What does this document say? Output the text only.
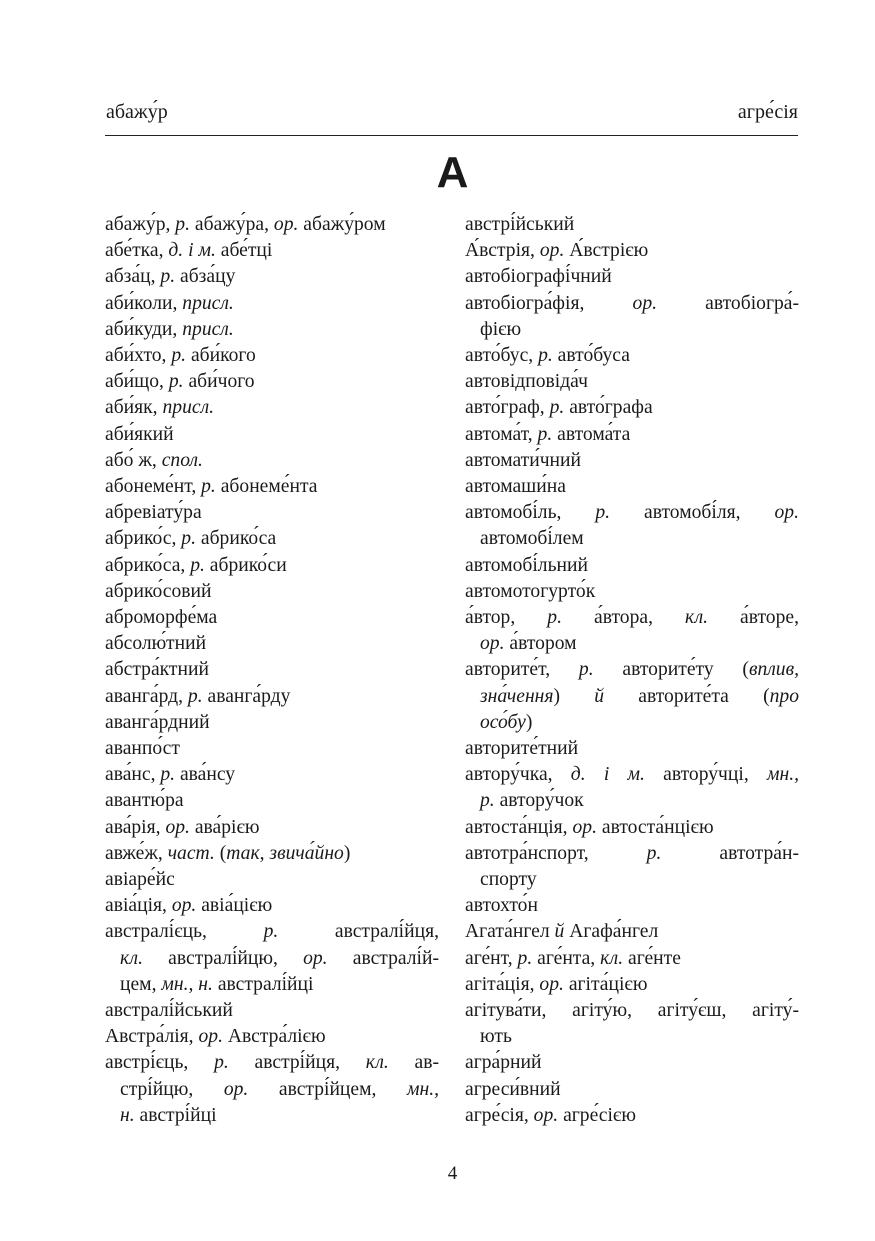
абажу́р	агре́сія
А
абажу́р, р. абажу́ра, ор. абажу́ром
абе́тка, д. і м. абе́тці
абза́ц, р. абза́цу
аби́коли, присл.
аби́куди, присл.
аби́хто, р. аби́кого
аби́що, р. аби́чого
аби́як, присл.
аби́який
або́ ж, спол.
абонеме́нт, р. абонеме́нта
абревіату́ра
абрико́с, р. абрико́са
абрико́са, р. абрико́си
абрико́совий
аброморфе́ма
абсолю́тний
абстра́ктний
аванга́рд, р. аванга́рду
аванга́рдний
аванпо́ст
ава́нс, р. ава́нсу
авантю́ра
ава́рія, ор. ава́рією
авже́ж, част. (так, звича́йно)
авіаре́йс
авіа́ція, ор. авіа́цією
австралі́єць, р. австралі́йця,
кл. австралі́йцю, ор. австралі́й-
цем, мн., н. австралі́йці
австралі́йський
Австра́лія, ор. Австра́лією
австрі́єць, р. австрі́йця, кл. ав-
стрі́йцю, ор. австрі́йцем, мн.,
н. австрі́йці
австрі́йський
А́встрія, ор. А́встрією
автобіографі́чний
автобіогра́фія, ор. автобіогра́-
фією
авто́бус, р. авто́буса
автовідповіда́ч
авто́граф, р. авто́графа
автома́т, р. автома́та
автомати́чний
автомаши́на
автомобі́ль, р. автомобі́ля, ор.
автомобі́лем
автомобі́льний
автомотогурто́к
а́втор, р. а́втора, кл. а́вторе,
ор. а́втором
авторите́т, р. авторите́ту (вплив,
зна́чення) й авторите́та (про
осо́бу)
авторите́тний
автору́чка, д. і м. автору́чці, мн.,
р. автору́чок
автоста́нція, ор. автоста́нцією
автотра́нспорт, р. автотра́н-
спорту
автохто́н
Агата́нгел й Агафа́нгел
аге́нт, р. аге́нта, кл. аге́нте
агіта́ція, ор. агіта́цією
агітува́ти, агіту́ю, агіту́єш, агіту́-
ють
агра́рний
агреси́вний
агре́сія, ор. агре́сією
4
